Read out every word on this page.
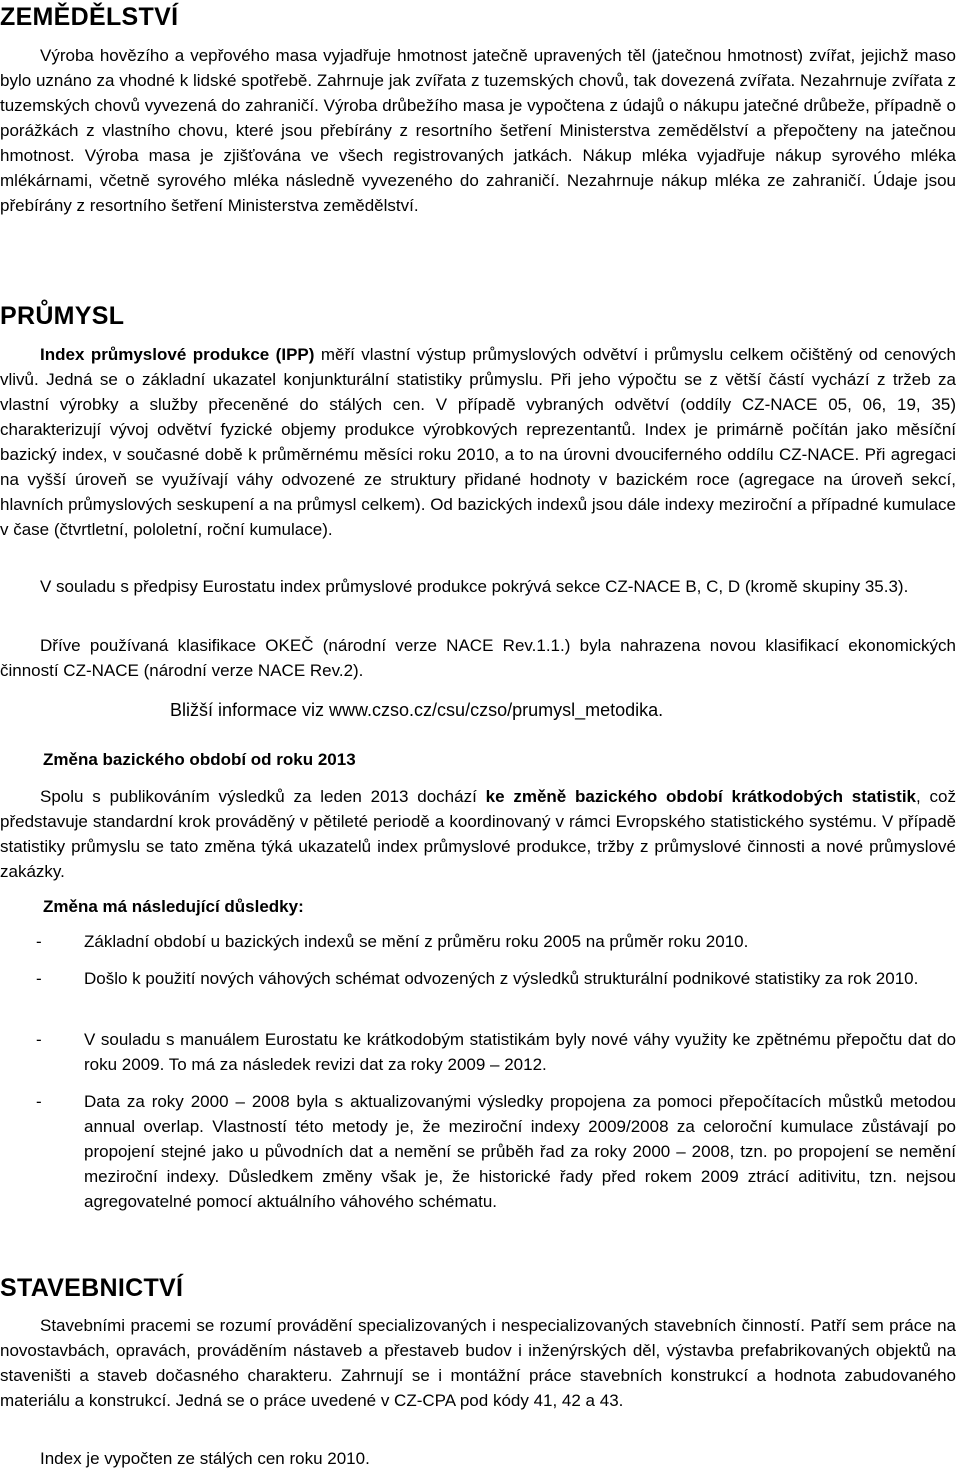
ZEMĚDĚLSTVÍ

Výroba hovězího a vepřového masa vyjadřuje hmotnost jatečně upravených těl (jatečnou hmotnost) zvířat, jejichž maso bylo uznáno za vhodné k lidské spotřebě. Zahrnuje jak zvířata z tuzemských chovů, tak dovezená zvířata. Nezahrnuje zvířata z tuzemských chovů vyvezená do zahraničí. Výroba drůbežího masa je vypočtena z údajů o nákupu jatečné drůbeže, případně o porážkách z vlastního chovu, které jsou přebírány z resortního šetření Ministerstva zemědělství a přepočteny na jatečnou hmotnost. Výroba masa je zjišťována ve všech registrovaných jatkách. Nákup mléka vyjadřuje nákup syrového mléka mlékárnami, včetně syrového mléka následně vyvezeného do zahraničí. Nezahrnuje nákup mléka ze zahraničí. Údaje jsou přebírány z resortního šetření Ministerstva zemědělství.

PRŮMYSL

Index průmyslové produkce (IPP) měří vlastní výstup průmyslových odvětví i průmyslu celkem očištěný od cenových vlivů. Jedná se o základní ukazatel konjunkturální statistiky průmyslu. Při jeho výpočtu se z větší částí vychází z tržeb za vlastní výrobky a služby přeceněné do stálých cen. V případě vybraných odvětví (oddíly CZ-NACE 05, 06, 19, 35) charakterizují vývoj odvětví fyzické objemy produkce výrobkových reprezentantů. Index je primárně počítán jako měsíční bazický index, v současné době k průměrnému měsíci roku 2010, a to na úrovni dvouciferného oddílu CZ-NACE. Při agregaci na vyšší úroveň se využívají váhy odvozené ze struktury přidané hodnoty v bazickém roce (agregace na úroveň sekcí, hlavních průmyslových seskupení a na průmysl celkem). Od bazických indexů jsou dále indexy meziroční a případné kumulace v čase (čtvrtletní, pololetní, roční kumulace).

V souladu s předpisy Eurostatu index průmyslové produkce pokrývá sekce CZ-NACE B, C, D (kromě skupiny 35.3).

Dříve používaná klasifikace OKEČ (národní verze NACE Rev.1.1.) byla nahrazena novou klasifikací ekonomických činností CZ-NACE (národní verze NACE Rev.2).

Bližší informace viz www.czso.cz/csu/czso/prumysl_metodika.
Změna bazického období od roku 2013

Spolu s publikováním výsledků za leden 2013 dochází ke změně bazického období krátkodobých statistik, což představuje standardní krok prováděný v pětileté periodě a koordinovaný v rámci Evropského statistického systému. V případě statistiky průmyslu se tato změna týká ukazatelů index průmyslové produkce, tržby z průmyslové činnosti a nové průmyslové zakázky.

Změna má následující důsledky:
- Základní období u bazických indexů se mění z průměru roku 2005 na průměr roku 2010.

- Došlo k použití nových váhových schémat odvozených z výsledků strukturální podnikové statistiky za rok 2010.

- V souladu s manuálem Eurostatu ke krátkodobým statistikám byly nové váhy využity ke zpětnému přepočtu dat do roku 2009. To má za následek revizi dat za roky 2009 – 2012.

- Data za roky 2000 – 2008 byla s aktualizovanými výsledky propojena za pomoci přepočítacích můstků metodou annual overlap. Vlastností této metody je, že meziroční indexy 2009/2008 za celoroční kumulace zůstávají po propojení stejné jako u původních dat a nemění se průběh řad za roky 2000 – 2008, tzn. po propojení se nemění meziroční indexy. Důsledkem změny však je, že historické řady před rokem 2009 ztrácí aditivitu, tzn. nejsou agregovatelné pomocí aktuálního váhového schématu.

STAVEBNICTVÍ

Stavebními pracemi se rozumí provádění specializovaných i nespecializovaných stavebních činností. Patří sem práce na novostavbách, opravách, prováděním nástaveb a přestaveb budov i inženýrských děl, výstavba prefabrikovaných objektů na staveništi a staveb dočasného charakteru. Zahrnují se i montážní práce stavebních konstrukcí a hodnota zabudovaného materiálu a konstrukcí. Jedná se o práce uvedené v CZ-CPA pod kódy 41, 42 a 43.

Index je vypočten ze stálých cen roku 2010.
